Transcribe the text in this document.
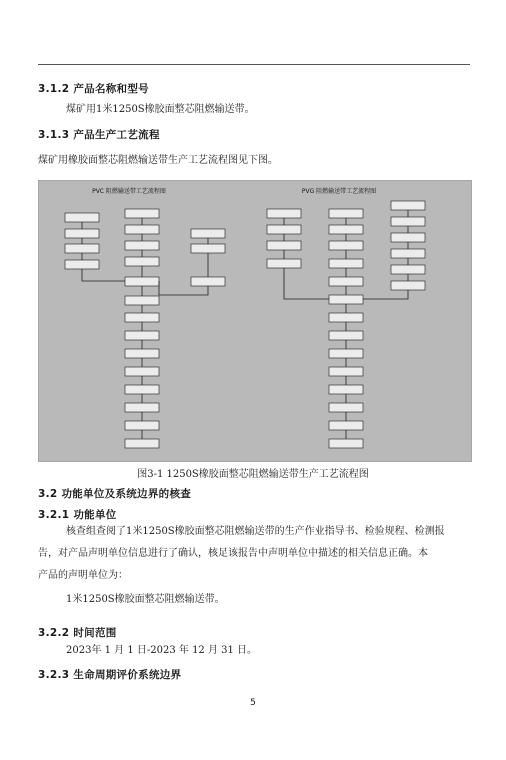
3.1.2 产品名称和型号
煤矿用1米1250S橡胶面整芯阻燃输送带。
3.1.3 产品生产工艺流程
煤矿用橡胶面整芯阻燃输送带生产工艺流程图见下图。
PVC 阻燃输送带工艺流程图	PVG 阻燃输送带工艺流程图
图3-1 1250S橡胶面整芯阻燃输送带生产工艺流程图
3.2 功能单位及系统边界的核查
3.2.1 功能单位
核查组查阅了1米1250S橡胶面整芯阻燃输送带的生产作业指导书、检验规程、检测报
告，对产品声明单位信息进行了确认，核足该报告中声明单位中描述的相关信息正确。本
产品的声明单位为：
1米1250S橡胶面整芯阻燃输送带。
3.2.2 时间范围
2023年 1 月 1 日-2023 年 12 月 31 日。
3.2.3 生命周期评价系统边界
5
